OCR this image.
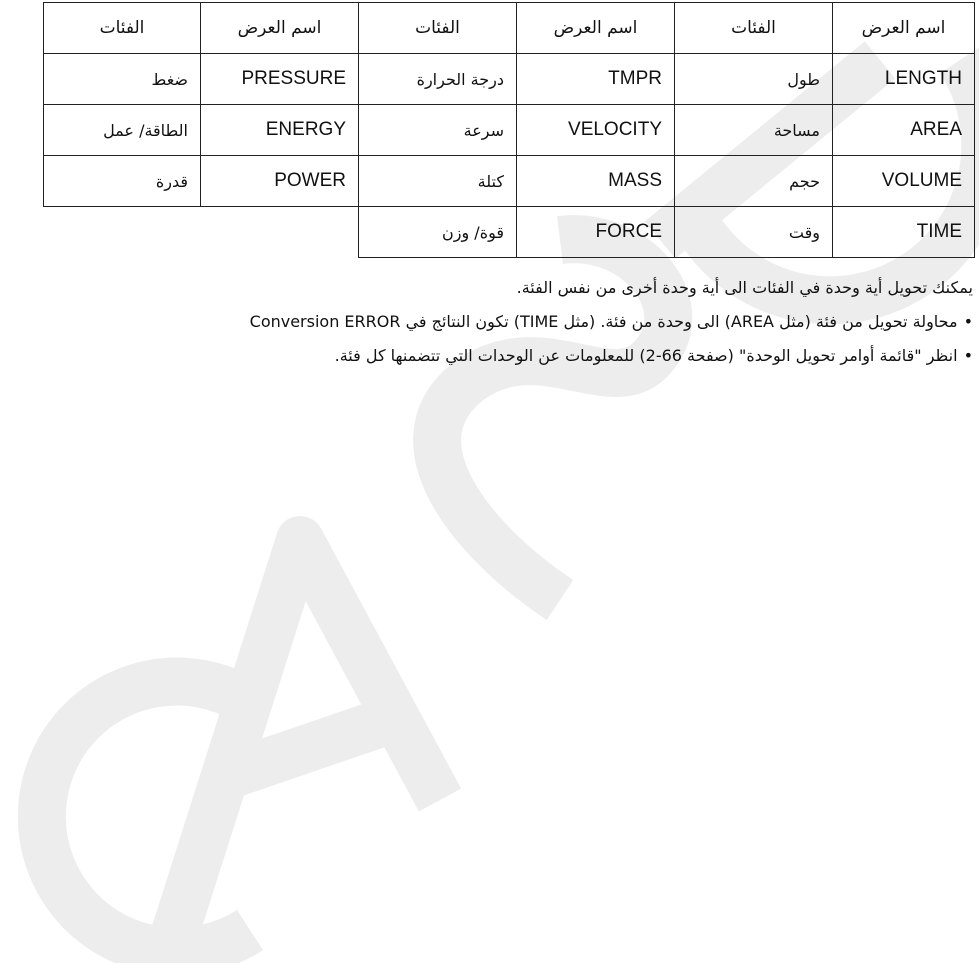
الفئات	اسم العرض	الفئات	اسم العرض	الفئات	اسم العرض
ضغط	PRESSURE	درجة الحرارة	TMPR	طول	LENGTH
الطاقة/ عمل	ENERGY	سرعة	VELOCITY	مساحة	AREA
قدرة	POWER	كتلة	MASS	حجم	VOLUME
		قوة/ وزن	FORCE	وقت	TIME

يمكنك تحويل أية وحدة في الفئات الى أية وحدة أخرى من نفس الفئة.

•محاولة تحويل من فئة (مثل AREA) الى وحدة من فئة. (مثل TIME) تكون النتائج في Conversion ERROR

•انظر "قائمة أوامر تحويل الوحدة" (صفحة 66-2) للمعلومات عن الوحدات التي تتضمنها كل فئة.
